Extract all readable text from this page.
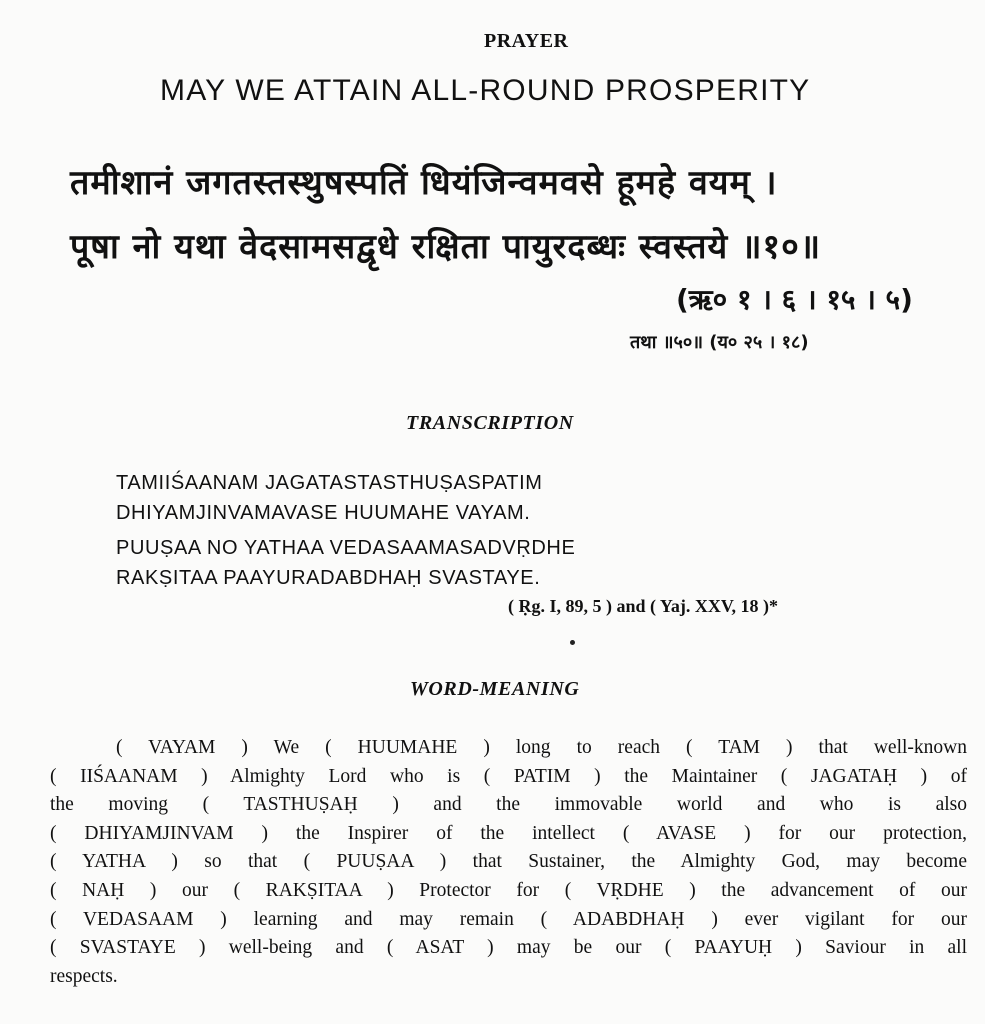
PRAYER
MAY WE ATTAIN ALL-ROUND PROSPERITY
तमीशानं जगतस्तस्थुषस्पतिं धियंजिन्वमवसे हूमहे वयम् ।
पूषा नो यथा वेदसामसद्वृधे रक्षिता पायुरदब्धः स्वस्तये ॥१०॥
(ऋ० १ । ६ । १५ । ५)
तथा ॥५०॥ (य० २५ । १८)
TRANSCRIPTION
TAMIIŚAANAM JAGATASTASTHUṢASPATIM
DHIYAMJINVAMAVASE HUUMAHE VAYAM.
PUUṢAA NO YATHAA VEDASAAMASADVṚDHE
RAKṢITAA PAAYURADABDHAḤ SVASTAYE.
( Ṛg. I, 89, 5 ) and ( Yaj. XXV, 18 )*
WORD-MEANING
( VAYAM ) We ( HUUMAHE ) long to reach ( TAM ) that well-known
( IIŚAANAM ) Almighty Lord who is ( PATIM ) the Maintainer ( JAGATAḤ ) of
the moving ( TASTHUṢAḤ ) and the immovable world and who is also
( DHIYAMJINVAM ) the Inspirer of the intellect ( AVASE ) for our protection,
( YATHA ) so that ( PUUṢAA ) that Sustainer, the Almighty God, may become
( NAḤ ) our ( RAKṢITAA ) Protector for ( VṚDHE ) the advancement of our
( VEDASAAM ) learning and may remain ( ADABDHAḤ ) ever vigilant for our
( SVASTAYE ) well-being and ( ASAT ) may be our ( PAAYUḤ ) Saviour in all
respects.
